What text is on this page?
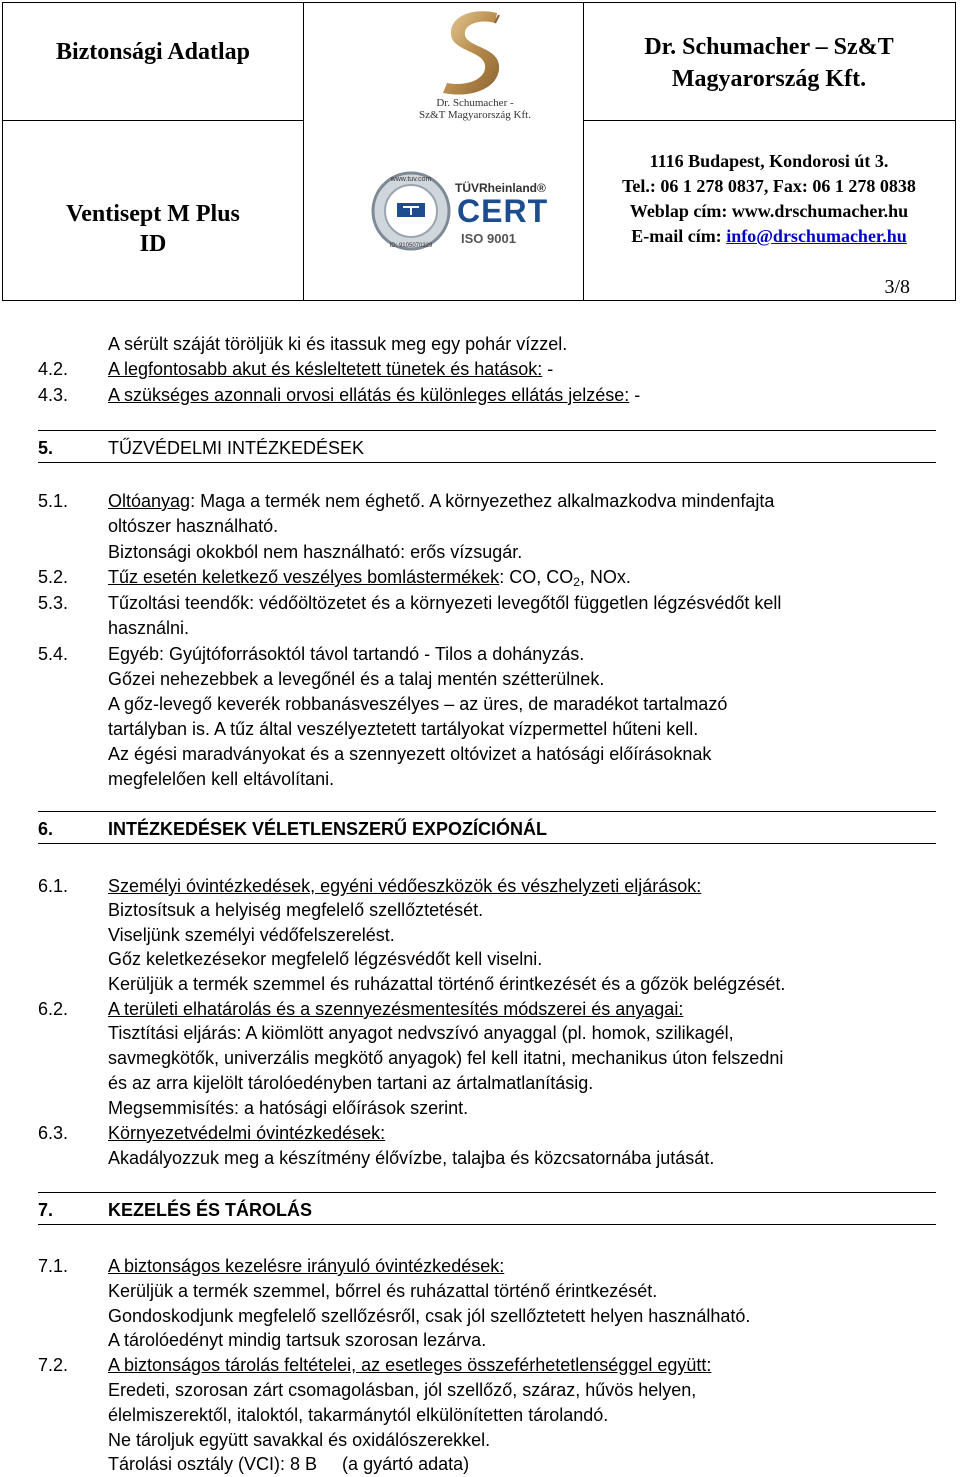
Biztonsági Adatlap
Ventisept M Plus
ID
Dr. Schumacher – Sz&T
Magyarország Kft.
1116 Budapest, Kondorosi út 3.
Tel.: 06 1 278 0837, Fax: 06 1 278 0838
Weblap cím: www.drschumacher.hu
E-mail cím: info@drschumacher.hu
Dr. Schumacher -
Sz&T Magyarország Kft.
www.tuv.com
ID: 9105070329
TÜVRheinland®
CERT
ISO 9001
3/8
A sérült száját töröljük ki és itassuk meg egy pohár vízzel.
4.2. A legfontosabb akut és késleltetett tünetek és hatások: -
4.3. A szükséges azonnali orvosi ellátás és különleges ellátás jelzése: -
5.	TŰZVÉDELMI INTÉZKEDÉSEK
5.1. Oltóanyag: Maga a termék nem éghető. A környezethez alkalmazkodva mindenfajta
oltószer használható.
Biztonsági okokból nem használható: erős vízsugár.
5.2. Tűz esetén keletkező veszélyes bomlástermékek: CO, $CO_2$, NOx.
5.3. Tűzoltási teendők: védőöltözetet és a környezeti levegőtől független légzésvédőt kell
használni.
5.4. Egyéb: Gyújtóforrásoktól távol tartandó - Tilos a dohányzás.
Gőzei nehezebbek a levegőnél és a talaj mentén szétterülnek.
A gőz-levegő keverék robbanásveszélyes – az üres, de maradékot tartalmazó
tartályban is. A tűz által veszélyeztetett tartályokat vízpermettel hűteni kell.
Az égési maradványokat és a szennyezett oltóvizet a hatósági előírásoknak
megfelelően kell eltávolítani.
6.	INTÉZKEDÉSEK VÉLETLENSZERŰ EXPOZÍCIÓNÁL
6.1. Személyi óvintézkedések, egyéni védőeszközök és vészhelyzeti eljárások:
Biztosítsuk a helyiség megfelelő szellőztetését.
Viseljünk személyi védőfelszerelést.
Gőz keletkezésekor megfelelő légzésvédőt kell viselni.
Kerüljük a termék szemmel és ruházattal történő érintkezését és a gőzök belégzését.
6.2. A területi elhatárolás és a szennyezésmentesítés módszerei és anyagai:
Tisztítási eljárás: A kiömlött anyagot nedvszívó anyaggal (pl. homok, szilikagél,
savmegkötők, univerzális megkötő anyagok) fel kell itatni, mechanikus úton felszedni
és az arra kijelölt tárolóedényben tartani az ártalmatlanításig.
Megsemmisítés: a hatósági előírások szerint.
6.3. Környezetvédelmi óvintézkedések:
Akadályozzuk meg a készítmény élővízbe, talajba és közcsatornába jutását.
7.	KEZELÉS ÉS TÁROLÁS
7.1. A biztonságos kezelésre irányuló óvintézkedések:
Kerüljük a termék szemmel, bőrrel és ruházattal történő érintkezését.
Gondoskodjunk megfelelő szellőzésről, csak jól szellőztetett helyen használható.
A tárolóedényt mindig tartsuk szorosan lezárva.
7.2. A biztonságos tárolás feltételei, az esetleges összeférhetetlenséggel együtt:
Eredeti, szorosan zárt csomagolásban, jól szellőző, száraz, hűvös helyen,
élelmiszerektől, italoktól, takarmánytól elkülönítetten tárolandó.
Ne tároljuk együtt savakkal és oxidálószerekkel.
Tárolási osztály (VCI): 8 B     (a gyártó adata)
